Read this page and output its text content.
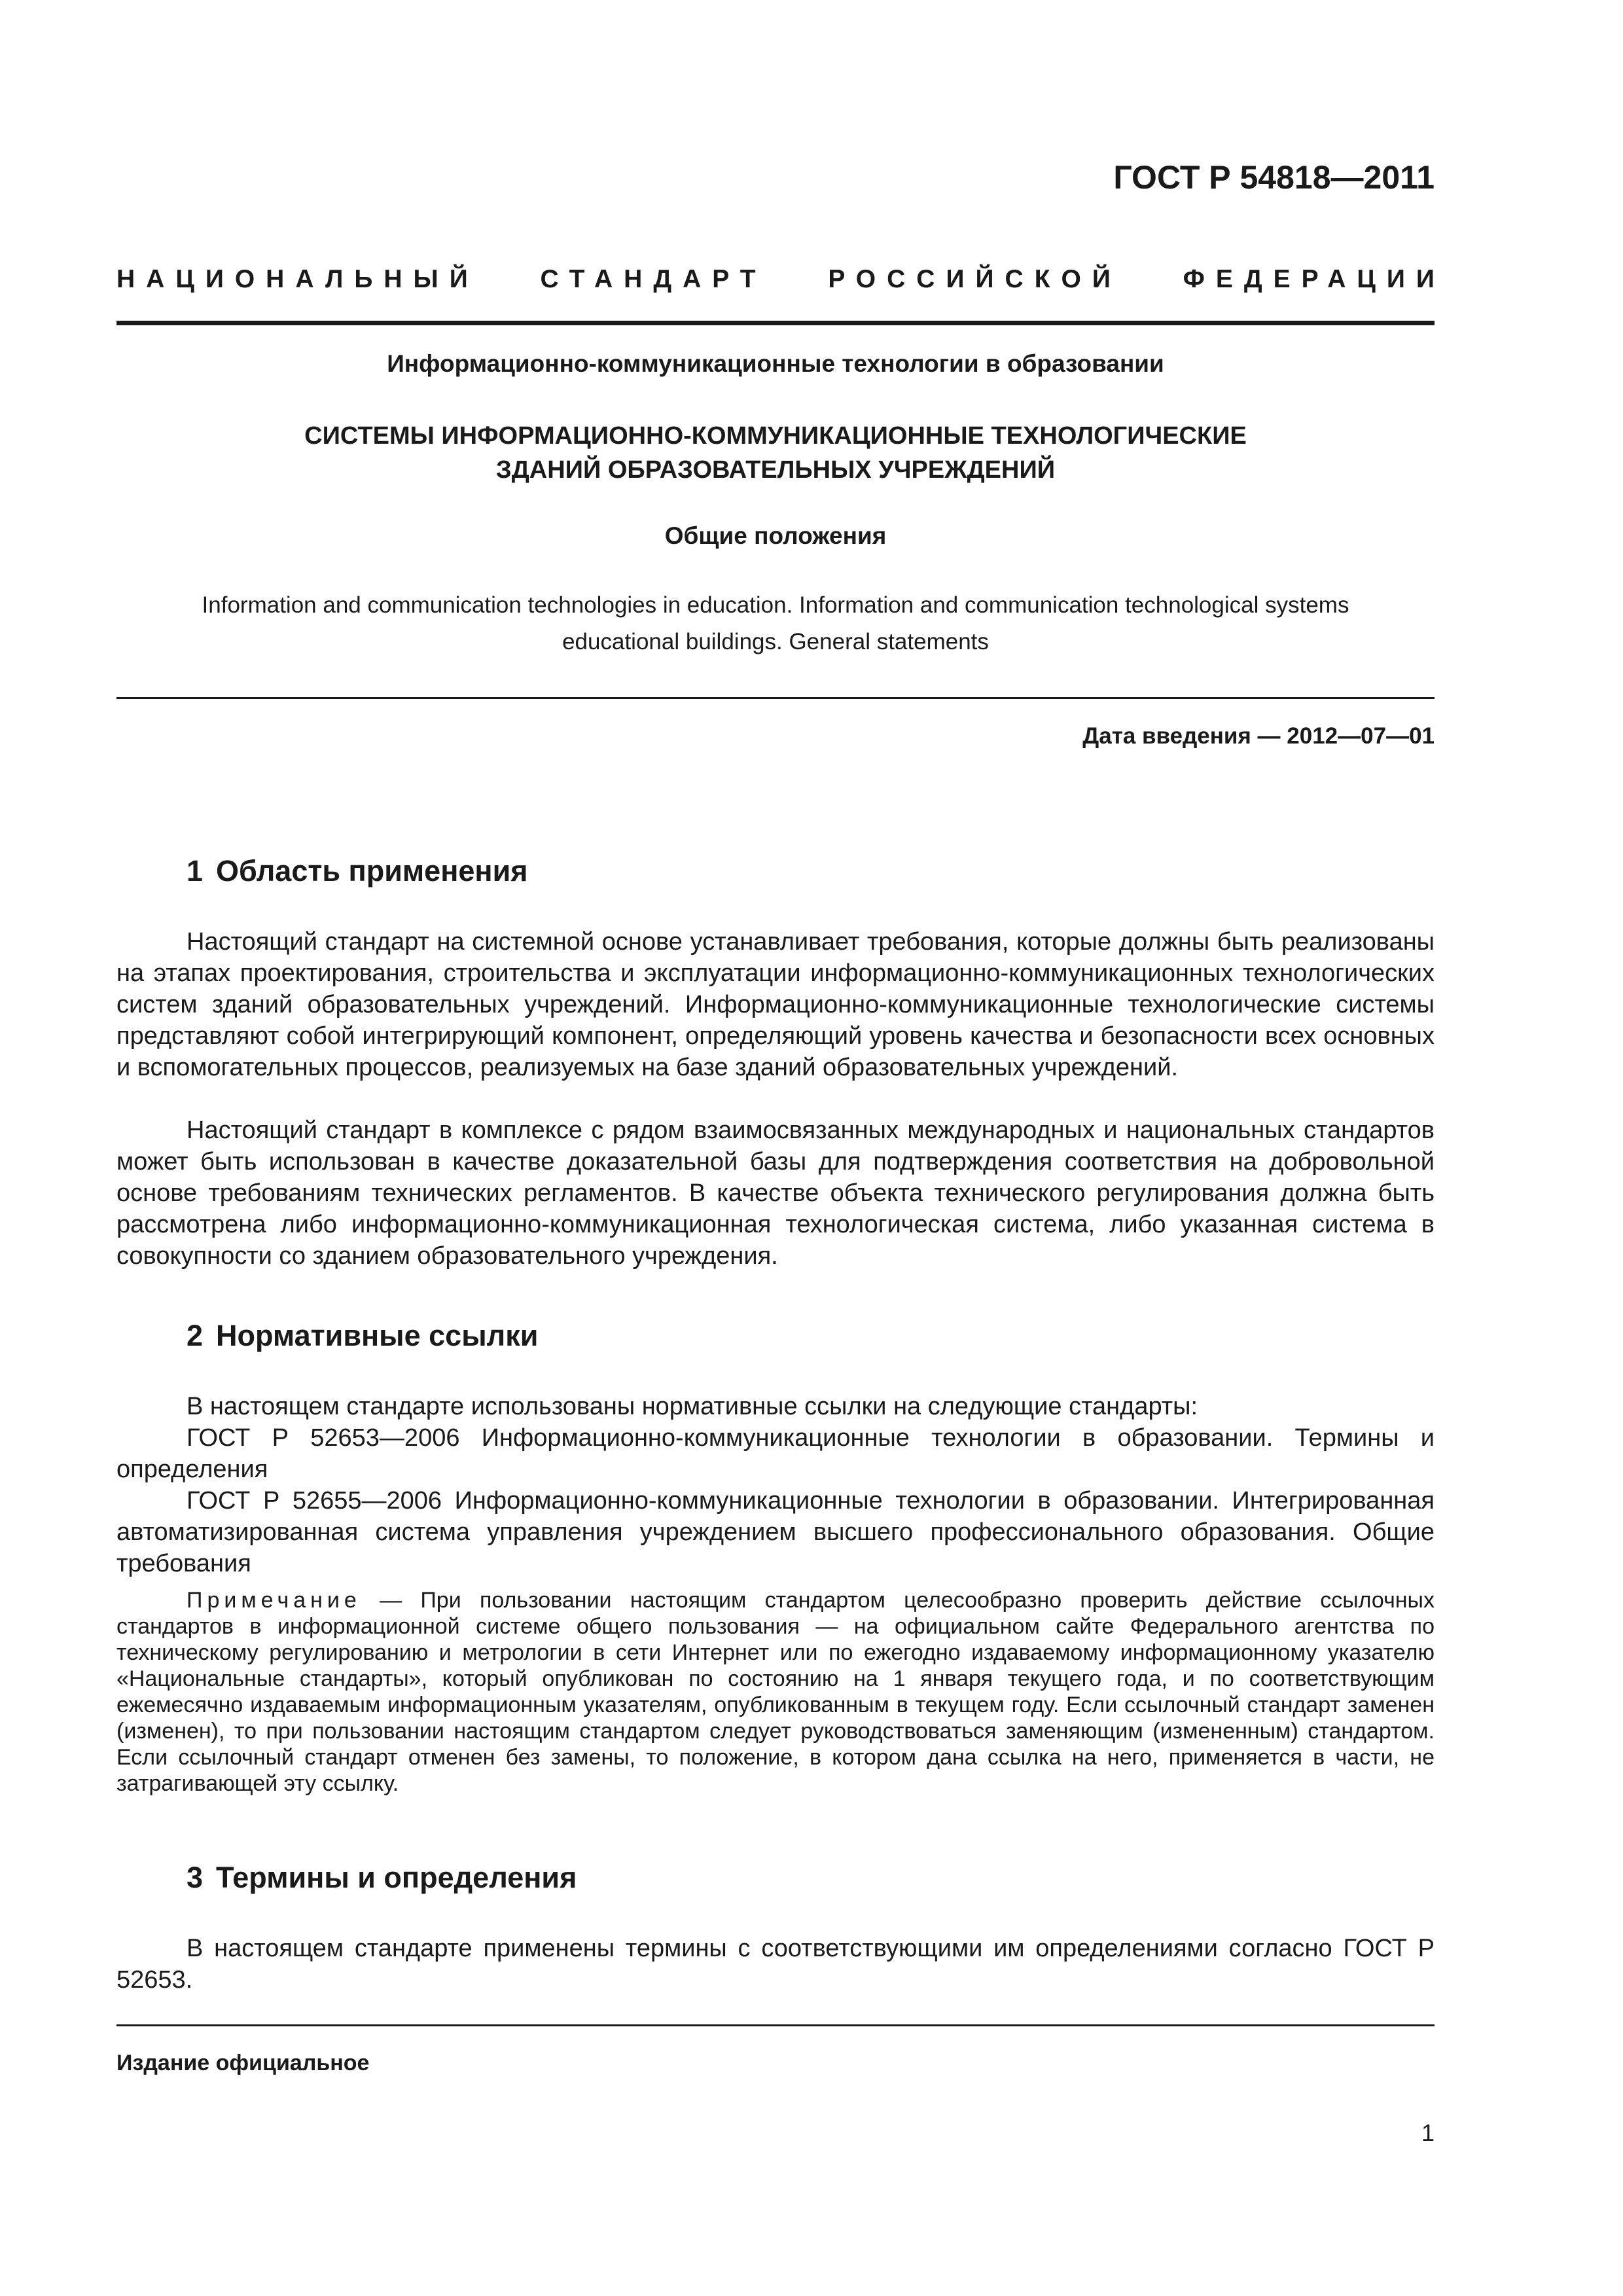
ГОСТ Р 54818—2011
НАЦИОНАЛЬНЫЙ СТАНДАРТ РОССИЙСКОЙ ФЕДЕРАЦИИ
Информационно-коммуникационные технологии в образовании
СИСТЕМЫ ИНФОРМАЦИОННО-КОММУНИКАЦИОННЫЕ ТЕХНОЛОГИЧЕСКИЕ
ЗДАНИЙ ОБРАЗОВАТЕЛЬНЫХ УЧРЕЖДЕНИЙ
Общие положения
Information and communication technologies in education. Information and communication technological systems
educational buildings. General statements
Дата введения — 2012—07—01
1 Область применения
Настоящий стандарт на системной основе устанавливает требования, которые должны быть реализованы на этапах проектирования, строительства и эксплуатации информационно-коммуникационных технологических систем зданий образовательных учреждений. Информационно-коммуникационные технологические системы представляют собой интегрирующий компонент, определяющий уровень качества и безопасности всех основных и вспомогательных процессов, реализуемых на базе зданий образовательных учреждений.
Настоящий стандарт в комплексе с рядом взаимосвязанных международных и национальных стандартов может быть использован в качестве доказательной базы для подтверждения соответствия на добровольной основе требованиям технических регламентов. В качестве объекта технического регулирования должна быть рассмотрена либо информационно-коммуникационная технологическая система, либо указанная система в совокупности со зданием образовательного учреждения.
2 Нормативные ссылки
В настоящем стандарте использованы нормативные ссылки на следующие стандарты:
ГОСТ Р 52653—2006 Информационно-коммуникационные технологии в образовании. Термины и определения
ГОСТ Р 52655—2006 Информационно-коммуникационные технологии в образовании. Интегрированная автоматизированная система управления учреждением высшего профессионального образования. Общие требования
Примечание — При пользовании настоящим стандартом целесообразно проверить действие ссылочных стандартов в информационной системе общего пользования — на официальном сайте Федерального агентства по техническому регулированию и метрологии в сети Интернет или по ежегодно издаваемому информационному указателю «Национальные стандарты», который опубликован по состоянию на 1 января текущего года, и по соответствующим ежемесячно издаваемым информационным указателям, опубликованным в текущем году. Если ссылочный стандарт заменен (изменен), то при пользовании настоящим стандартом следует руководствоваться заменяющим (измененным) стандартом. Если ссылочный стандарт отменен без замены, то положение, в котором дана ссылка на него, применяется в части, не затрагивающей эту ссылку.
3 Термины и определения
В настоящем стандарте применены термины с соответствующими им определениями согласно ГОСТ Р 52653.
Издание официальное
1
